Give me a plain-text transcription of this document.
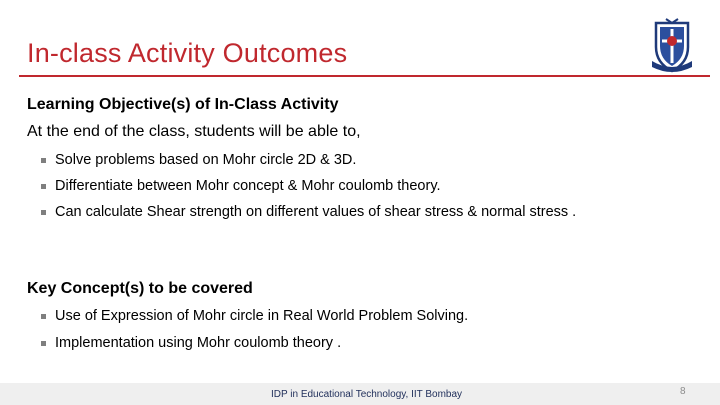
In-class Activity Outcomes
Learning Objective(s) of In-Class Activity
At the end of the class, students will be able to,
Solve problems based on Mohr circle 2D & 3D.
Differentiate between Mohr concept & Mohr coulomb theory.
Can calculate Shear strength on different values of shear stress & normal stress .
Key Concept(s) to be covered
Use of Expression of Mohr circle in Real World Problem Solving.
Implementation using Mohr coulomb theory .
IDP in Educational Technology, IIT Bombay	8
